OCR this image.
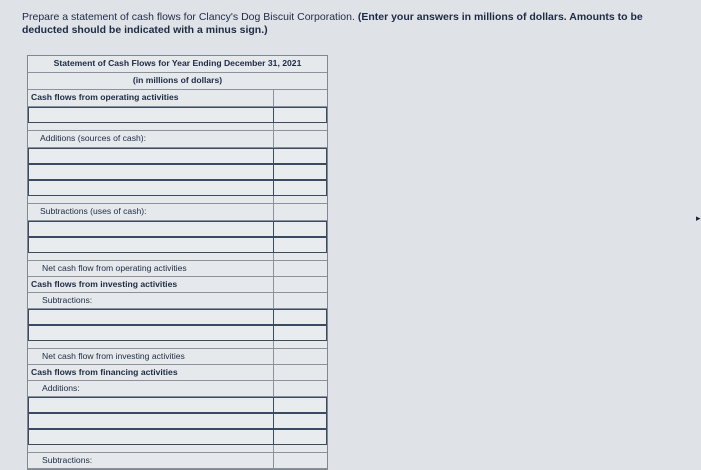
Prepare a statement of cash flows for Clancy's Dog Biscuit Corporation. (Enter your answers in millions of dollars. Amounts to be deducted should be indicated with a minus sign.)
Statement of Cash Flows for Year Ending December 31, 2021
(in millions of dollars)
Cash flows from operating activities
Additions (sources of cash):
Subtractions (uses of cash):
Net cash flow from operating activities
Cash flows from investing activities
Subtractions:
Net cash flow from investing activities
Cash flows from financing activities
Additions:
Subtractions:
▸
